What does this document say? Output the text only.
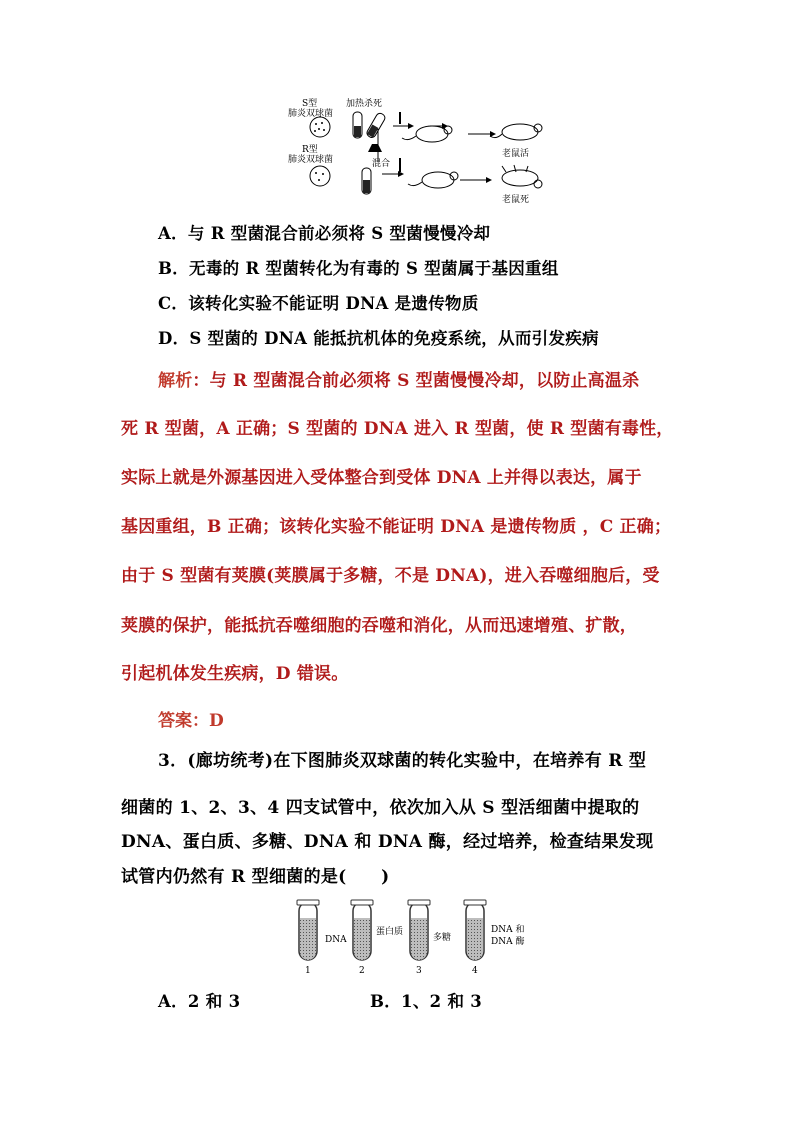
S型
肺炎双球菌
加热杀死
R型
肺炎双球菌	混合
老鼠活
老鼠死
A．与 R 型菌混合前必须将 S 型菌慢慢冷却
B．无毒的 R 型菌转化为有毒的 S 型菌属于基因重组
C．该转化实验不能证明 DNA 是遗传物质
D．S 型菌的 DNA 能抵抗机体的免疫系统，从而引发疾病
解析：与 R 型菌混合前必须将 S 型菌慢慢冷却，以防止高温杀
死 R 型菌，A 正确；S 型菌的 DNA 进入 R 型菌，使 R 型菌有毒性，
实际上就是外源基因进入受体整合到受体 DNA 上并得以表达，属于
基因重组，B 正确；该转化实验不能证明 DNA 是遗传物质 ，C 正确；
由于 S 型菌有荚膜(荚膜属于多糖，不是 DNA)，进入吞噬细胞后，受
荚膜的保护，能抵抗吞噬细胞的吞噬和消化，从而迅速增殖、扩散，
引起机体发生疾病，D 错误。
答案：D
3．(廊坊统考)在下图肺炎双球菌的转化实验中，在培养有 R 型
细菌的 1、2、3、4 四支试管中，依次加入从 S 型活细菌中提取的
DNA、蛋白质、多糖、DNA 和 DNA 酶，经过培养，检查结果发现
试管内仍然有 R 型细菌的是(　　)
DNA
1
蛋白质
2
多糖
3
DNA 和
DNA 酶
4
A．2 和 3	B．1、2 和 3
